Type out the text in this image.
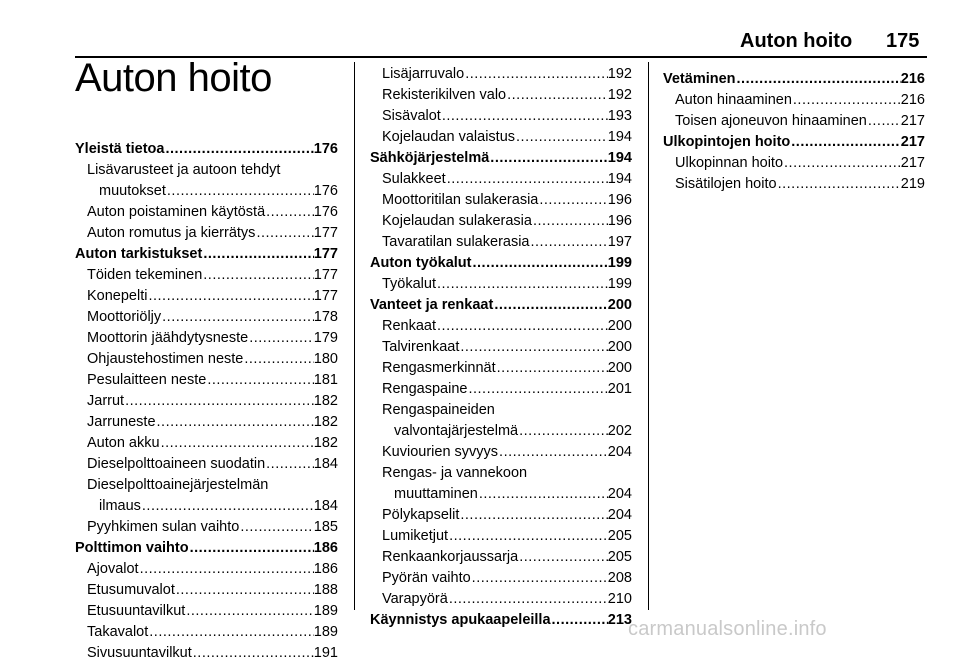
Auton hoito 175
Auton hoito
Yleistä tietoa .....	176
Lisävarusteet ja autoon tehdyt
muutokset .....	176
Auton poistaminen käytöstä .....	176
Auton romutus ja kierrätys .....	177
Auton tarkistukset .....	177
Töiden tekeminen .....	177
Konepelti .....	177
Moottoriöljy .....	178
Moottorin jäähdytysneste .....	179
Ohjaustehostimen neste .....	180
Pesulaitteen neste .....	181
Jarrut .....	182
Jarruneste .....	182
Auton akku .....	182
Dieselpolttoaineen suodatin .....	184
Dieselpolttoainejärjestelmän
ilmaus .....	184
Pyyhkimen sulan vaihto .....	185
Polttimon vaihto .....	186
Ajovalot .....	186
Etusumuvalot .....	188
Etusuuntavilkut .....	189
Takavalot .....	189
Sivusuuntavilkut .....	191
Lisäjarruvalo .....	192
Rekisterikilven valo .....	192
Sisävalot .....	193
Kojelaudan valaistus .....	194
Sähköjärjestelmä .....	194
Sulakkeet .....	194
Moottoritilan sulakerasia .....	196
Kojelaudan sulakerasia .....	196
Tavaratilan sulakerasia .....	197
Auton työkalut .....	199
Työkalut .....	199
Vanteet ja renkaat .....	200
Renkaat .....	200
Talvirenkaat .....	200
Rengasmerkinnät .....	200
Rengaspaine .....	201
Rengaspaineiden
valvontajärjestelmä .....	202
Kuviourien syvyys .....	204
Rengas- ja vannekoon
muuttaminen .....	204
Pölykapselit .....	204
Lumiketjut .....	205
Renkaankorjaussarja .....	205
Pyörän vaihto .....	208
Varapyörä .....	210
Käynnistys apukaapeleilla .....	213
Vetäminen .....	216
Auton hinaaminen .....	216
Toisen ajoneuvon hinaaminen ..... 217
Ulkopintojen hoito .....	217
Ulkopinnan hoito .....	217
Sisätilojen hoito .....	219
carmanualsonline.info
